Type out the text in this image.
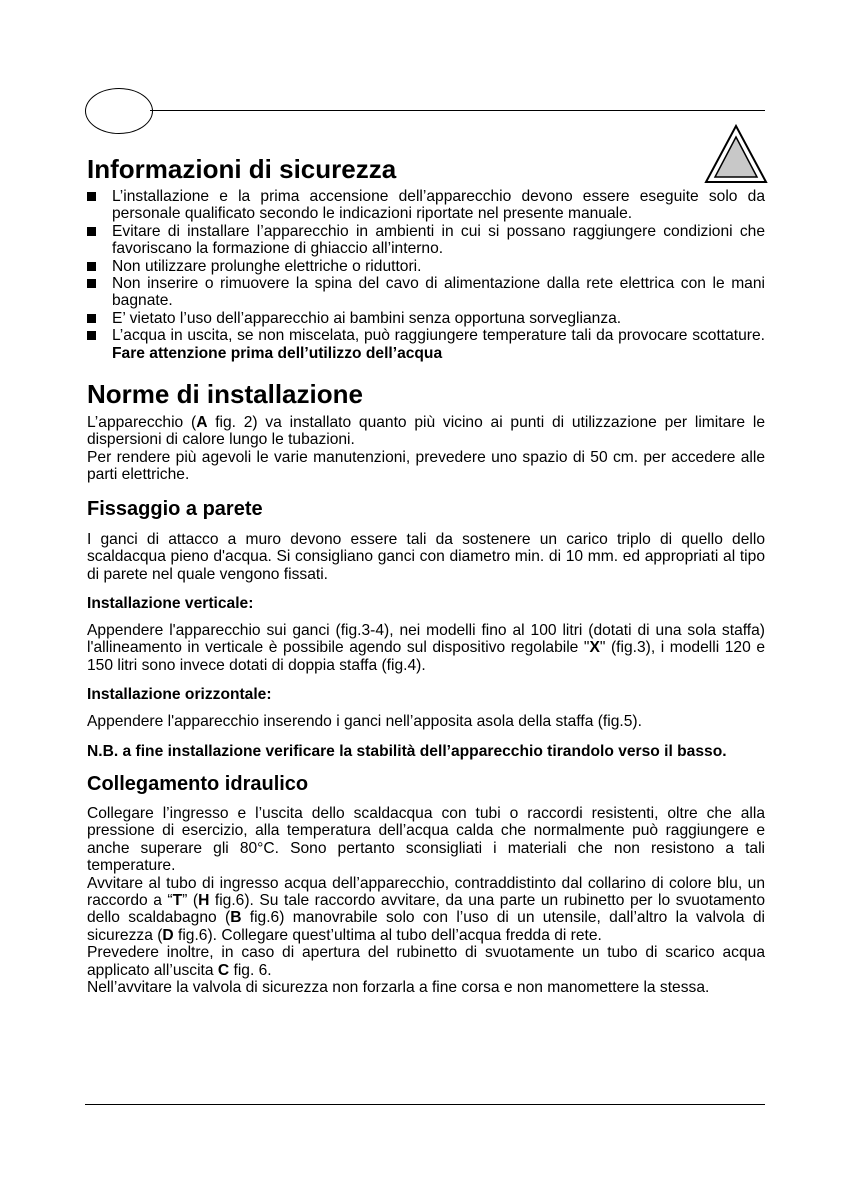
Informazioni di sicurezza
L’installazione e la prima accensione dell’apparecchio devono essere eseguite solo da personale qualificato secondo le indicazioni riportate nel presente manuale.
Evitare di installare l’apparecchio in ambienti in cui si possano raggiungere condizioni che favoriscano la formazione di ghiaccio all’interno.
Non utilizzare prolunghe elettriche o riduttori.
Non inserire o rimuovere la spina del cavo di alimentazione dalla rete elettrica con le mani bagnate.
E’ vietato l’uso dell’apparecchio ai bambini senza opportuna sorveglianza.
L’acqua in uscita, se non miscelata, può raggiungere temperature tali da provocare scottature. Fare attenzione prima dell’utilizzo dell’acqua
Norme di installazione

L’apparecchio (A fig. 2) va installato quanto più vicino ai punti di utilizzazione per limitare le dispersioni di calore lungo le tubazioni.

Per rendere più agevoli le varie manutenzioni, prevedere uno spazio di 50 cm. per accedere alle parti elettriche.

Fissaggio a parete

I ganci di attacco a muro devono essere tali da sostenere un carico triplo di quello dello scaldacqua pieno d'acqua. Si consigliano ganci con diametro min. di 10 mm. ed appropriati al tipo di parete nel quale vengono fissati.

Installazione verticale:

Appendere l'apparecchio sui ganci (fig.3-4), nei modelli fino al 100 litri (dotati di una sola staffa) l'allineamento in verticale è possibile agendo sul dispositivo regolabile "X" (fig.3), i modelli 120 e 150 litri sono invece dotati di doppia staffa (fig.4).

Installazione orizzontale:

Appendere l'apparecchio inserendo i ganci nell’apposita asola della staffa (fig.5).

N.B. a fine installazione verificare la stabilità dell’apparecchio tirandolo verso il basso.

Collegamento idraulico

Collegare l’ingresso e l’uscita dello scaldacqua con tubi o raccordi resistenti, oltre che alla pressione di esercizio, alla temperatura dell’acqua calda che normalmente può raggiungere e anche superare gli 80°C. Sono pertanto sconsigliati i materiali che non resistono a tali temperature.

Avvitare al tubo di ingresso acqua dell’apparecchio, contraddistinto dal collarino di colore blu, un raccordo a “T” (H fig.6). Su tale raccordo avvitare, da una parte un rubinetto per lo svuotamento dello scaldabagno (B fig.6) manovrabile solo con l’uso di un utensile, dall’altro la valvola di sicurezza (D fig.6). Collegare quest’ultima al tubo dell’acqua fredda di rete.

Prevedere inoltre, in caso di apertura del rubinetto di svuotamente un tubo di scarico acqua applicato all’uscita C fig. 6.

Nell’avvitare la valvola di sicurezza non forzarla a fine corsa e non manomettere la stessa.
